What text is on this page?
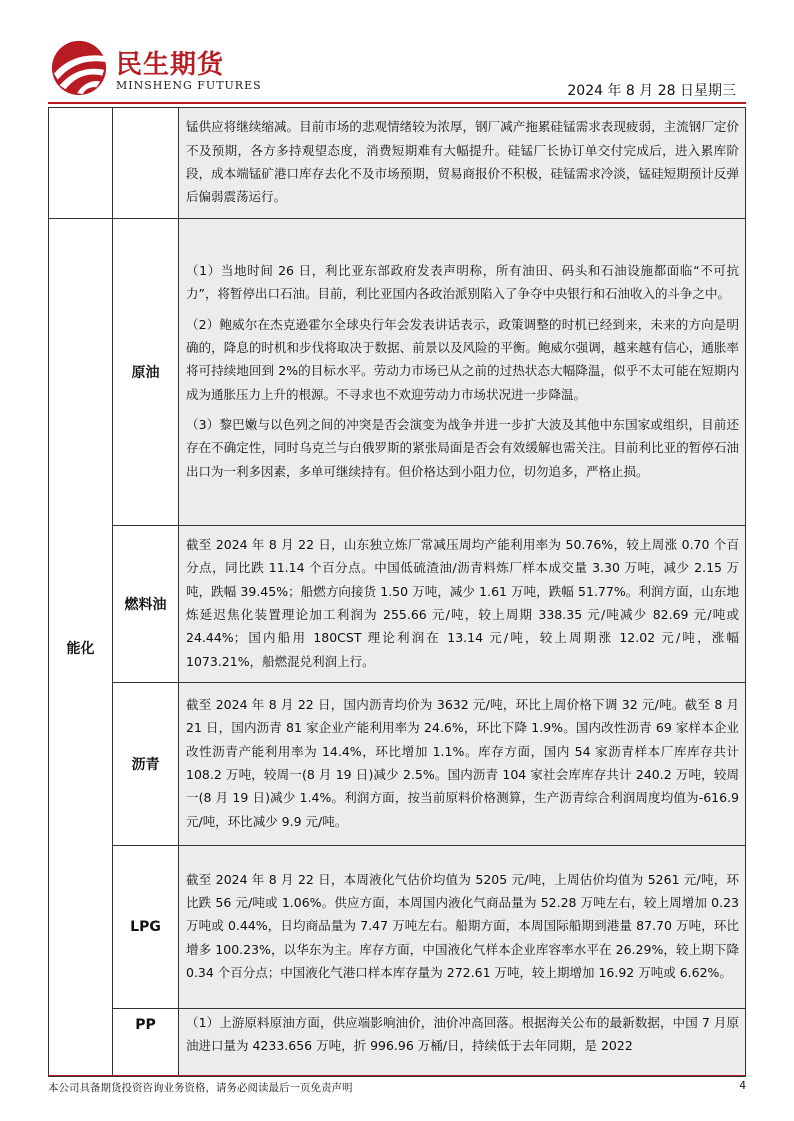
民生期货
MINSHENG FUTURES	2024 年 8 月 28 日星期三

		锰供应将继续缩减。目前市场的悲观情绪较为浓厚，钢厂减产拖累硅锰需求表现疲弱，主流钢厂定价不及预期，各方多持观望态度，消费短期难有大幅提升。硅锰厂长协订单交付完成后，进入累库阶段，成本端锰矿港口库存去化不及市场预期，贸易商报价不积极，硅锰需求冷淡，锰硅短期预计反弹后偏弱震荡运行。

能化	原油	（1）当地时间 26 日，利比亚东部政府发表声明称，所有油田、码头和石油设施都面临“不可抗力”，将暂停出口石油。目前，利比亚国内各政治派别陷入了争夺中央银行和石油收入的斗争之中。

（2）鲍威尔在杰克逊霍尔全球央行年会发表讲话表示，政策调整的时机已经到来，未来的方向是明确的，降息的时机和步伐将取决于数据、前景以及风险的平衡。鲍威尔强调，越来越有信心，通胀率将可持续地回到 2%的目标水平。劳动力市场已从之前的过热状态大幅降温，似乎不太可能在短期内成为通胀压力上升的根源。不寻求也不欢迎劳动力市场状况进一步降温。

（3）黎巴嫩与以色列之间的冲突是否会演变为战争并进一步扩大波及其他中东国家或组织，目前还存在不确定性，同时乌克兰与白俄罗斯的紧张局面是否会有效缓解也需关注。目前利比亚的暂停石油出口为一利多因素，多单可继续持有。但价格达到小阻力位，切勿追多，严格止损。

	燃料油	截至 2024 年 8 月 22 日，山东独立炼厂常减压周均产能利用率为 50.76%，较上周涨 0.70 个百分点，同比跌 11.14 个百分点。中国低硫渣油/沥青料炼厂样本成交量 3.30 万吨，减少 2.15 万吨，跌幅 39.45%；船燃方向接货 1.50 万吨，减少 1.61 万吨，跌幅 51.77%。利润方面，山东地炼延迟焦化装置理论加工利润为 255.66 元/吨，较上周期 338.35 元/吨减少 82.69 元/吨或 24.44%；国内船用 180CST 理论利润在 13.14 元/吨，较上周期涨 12.02 元/吨，涨幅 1073.21%，船燃混兑利润上行。

	沥青	截至 2024 年 8 月 22 日，国内沥青均价为 3632 元/吨，环比上周价格下调 32 元/吨。截至 8 月 21 日，国内沥青 81 家企业产能利用率为 24.6%，环比下降 1.9%。国内改性沥青 69 家样本企业改性沥青产能利用率为 14.4%，环比增加 1.1%。库存方面，国内 54 家沥青样本厂库库存共计 108.2 万吨，较周一(8 月 19 日)减少 2.5%。国内沥青 104 家社会库库存共计 240.2 万吨，较周一(8 月 19 日)减少 1.4%。利润方面，按当前原料价格测算，生产沥青综合利润周度均值为-616.9 元/吨，环比减少 9.9 元/吨。

	LPG	截至 2024 年 8 月 22 日，本周液化气估价均值为 5205 元/吨，上周估价均值为 5261 元/吨，环比跌 56 元/吨或 1.06%。供应方面，本周国内液化气商品量为 52.28 万吨左右，较上周增加 0.23 万吨或 0.44%，日均商品量为 7.47 万吨左右。船期方面，本周国际船期到港量 87.70 万吨，环比增多 100.23%，以华东为主。库存方面，中国液化气样本企业库容率水平在 26.29%，较上期下降 0.34 个百分点；中国液化气港口样本库存量为 272.61 万吨，较上期增加 16.92 万吨或 6.62%。

	PP	（1）上游原料原油方面，供应端影响油价，油价冲高回落。根据海关公布的最新数据，中国 7 月原油进口量为 4233.656 万吨，折 996.96 万桶/日，持续低于去年同期，是 2022

本公司具备期货投资咨询业务资格，请务必阅读最后一页免责声明	4
